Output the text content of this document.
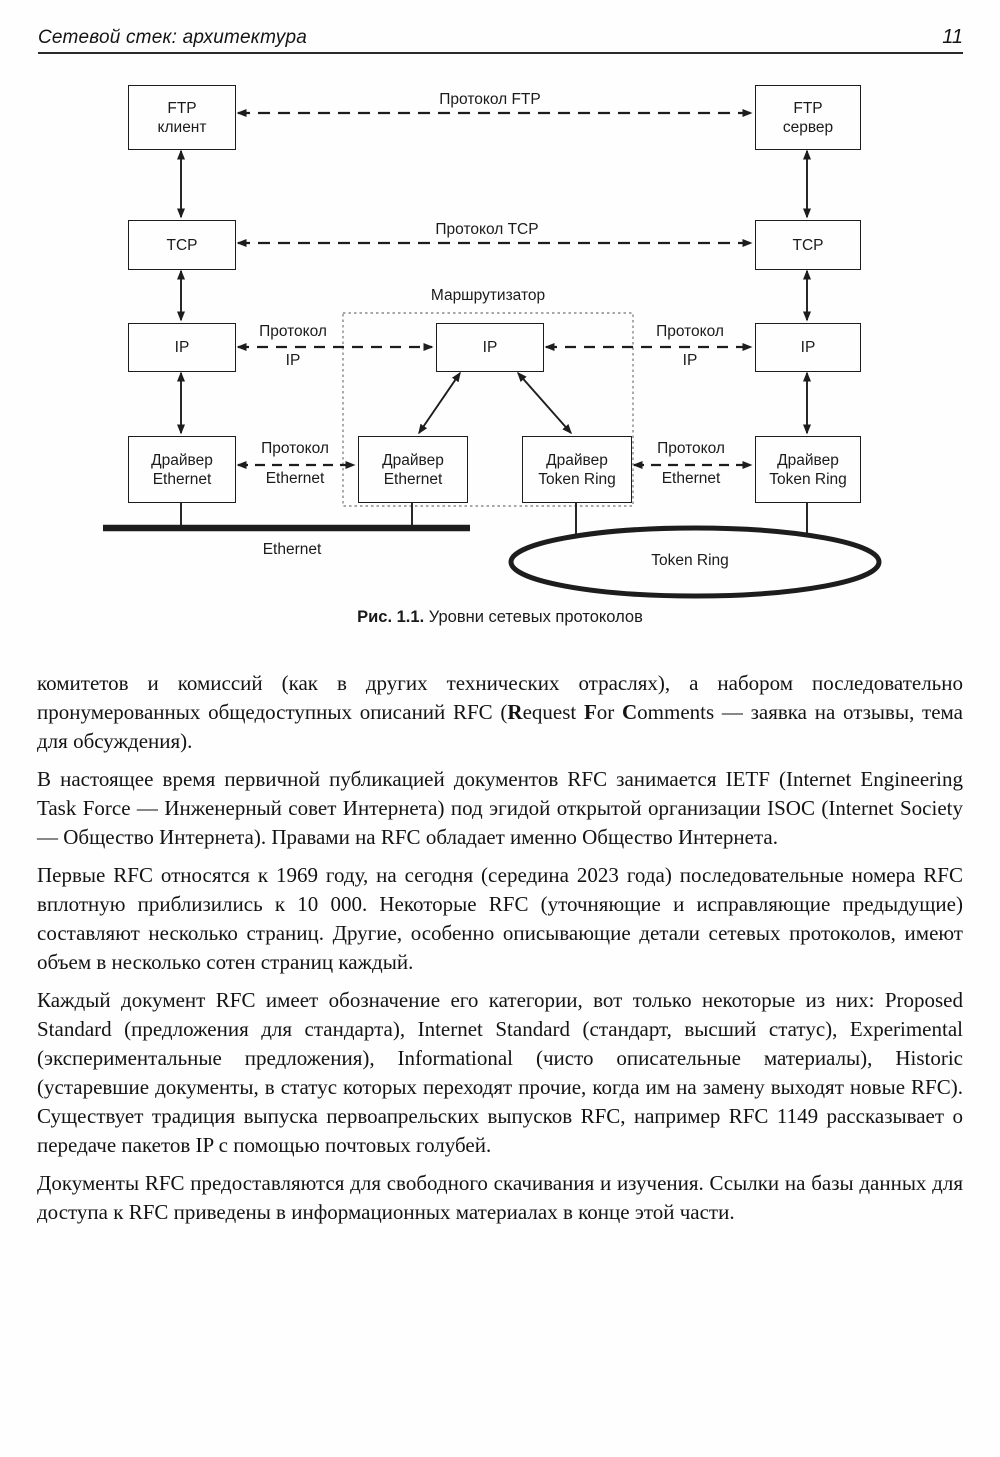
Сетевой стек: архитектура	11
FTP
клиент
FTP
сервер
TCP	TCP
IP	IP	IP
Драйвер
Ethernet
Драйвер
Ethernet
Драйвер
Token Ring
Драйвер
Token Ring
Протокол FTP
Протокол TCP
Маршрутизатор
Протокол
IP
Протокол
IP
Протокол
Ethernet
Протокол
Ethernet
Ethernet
Token Ring
Рис. 1.1. Уровни сетевых протоколов

комитетов и комиссий (как в других технических отраслях), а набором последовательно пронумерованных общедоступных описаний RFC (Request For Comments — заявка на отзывы, тема для обсуждения).

В настоящее время первичной публикацией документов RFC занимается IETF (Internet Engineering Task Force — Инженерный совет Интернета) под эгидой открытой организации ISOC (Internet Society — Общество Интернета). Правами на RFC обладает именно Общество Интернета.

Первые RFC относятся к 1969 году, на сегодня (середина 2023 года) последовательные номера RFC вплотную приблизились к 10 000. Некоторые RFC (уточняющие и исправляющие предыдущие) составляют несколько страниц. Другие, особенно описывающие детали сетевых протоколов, имеют объем в несколько сотен страниц каждый.

Каждый документ RFC имеет обозначение его категории, вот только некоторые из них: Proposed Standard (предложения для стандарта), Internet Standard (стандарт, высший статус), Experimental (экспериментальные предложения), Informational (чисто описательные материалы), Historic (устаревшие документы, в статус которых переходят прочие, когда им на замену выходят новые RFC). Существует традиция выпуска первоапрельских выпусков RFC, например RFC 1149 рассказывает о передаче пакетов IP с помощью почтовых голубей.

Документы RFC предоставляются для свободного скачивания и изучения. Ссылки на базы данных для доступа к RFC приведены в информационных материалах в конце этой части.
